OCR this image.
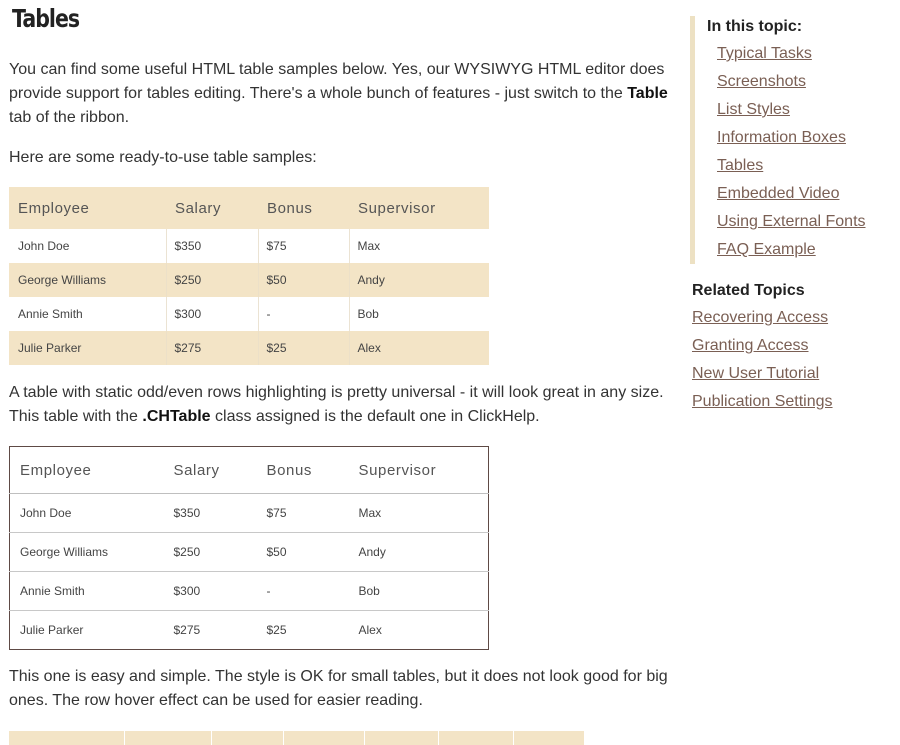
Tables

You can find some useful HTML table samples below. Yes, our WYSIWYG HTML editor does provide support for tables editing. There's a whole bunch of features - just switch to the Table tab of the ribbon.

Here are some ready-to-use table samples:

Employee	Salary	Bonus	Supervisor
John Doe	$350	$75	Max
George Williams	$250	$50	Andy
Annie Smith	$300	-	Bob
Julie Parker	$275	$25	Alex

A table with static odd/even rows highlighting is pretty universal - it will look great in any size. This table with the .CHTable class assigned is the default one in ClickHelp.

Employee	Salary	Bonus	Supervisor
John Doe	$350	$75	Max
George Williams	$250	$50	Andy
Annie Smith	$300	-	Bob
Julie Parker	$275	$25	Alex

This one is easy and simple. The style is OK for small tables, but it does not look good for big ones. The row hover effect can be used for easier reading.

In this topic:
Typical Tasks
Screenshots
List Styles
Information Boxes
Tables
Embedded Video
Using External Fonts
FAQ Example
Related Topics
Recovering Access
Granting Access
New User Tutorial
Publication Settings
